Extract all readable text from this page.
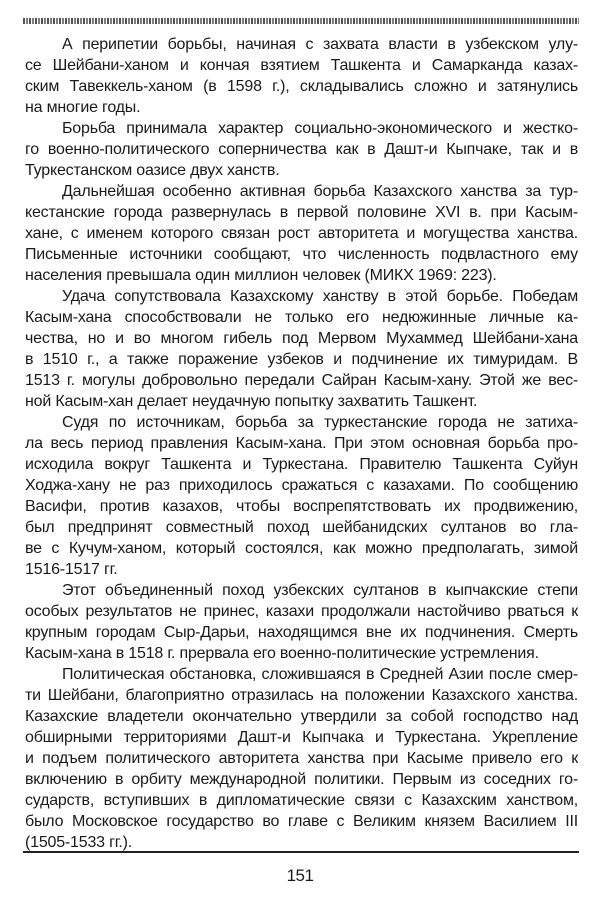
А перипетии борьбы, начиная с захвата власти в узбекском улу-
се Шейбани-ханом и кончая взятием Ташкента и Самарканда казах-
ским Тавеккель-ханом (в 1598 г.), складывались сложно и затянулись
на многие годы.
Борьба принимала характер социально-экономического и жестко-
го военно-политического соперничества как в Дашт-и Кыпчаке, так и в
Туркестанском оазисе двух ханств.
Дальнейшая особенно активная борьба Казахского ханства за тур-
кестанские города развернулась в первой половине XVI в. при Касым-
хане, с именем которого связан рост авторитета и могущества ханства.
Письменные источники сообщают, что численность подвластного ему
населения превышала один миллион человек (МИКХ 1969: 223).
Удача сопутствовала Казахскому ханству в этой борьбе. Победам
Касым-хана способствовали не только его недюжинные личные ка-
чества, но и во многом гибель под Мервом Мухаммед Шейбани-хана
в 1510 г., а также поражение узбеков и подчинение их тимуридам. В
1513 г. могулы добровольно передали Сайран Касым-хану. Этой же вес-
ной Касым-хан делает неудачную попытку захватить Ташкент.
Судя по источникам, борьба за туркестанские города не затиха-
ла весь период правления Касым-хана. При этом основная борьба про-
исходила вокруг Ташкента и Туркестана. Правителю Ташкента Суйун
Ходжа-хану не раз приходилось сражаться с казахами. По сообщению
Васифи, против казахов, чтобы воспрепятствовать их продвижению,
был предпринят совместный поход шейбанидских султанов во гла-
ве с Кучум-ханом, который состоялся, как можно предполагать, зимой
1516-1517 гг.
Этот объединенный поход узбекских султанов в кыпчакские степи
особых результатов не принес, казахи продолжали настойчиво рваться к
крупным городам Сыр-Дарьи, находящимся вне их подчинения. Смерть
Касым-хана в 1518 г. прервала его военно-политические устремления.
Политическая обстановка, сложившаяся в Средней Азии после смер-
ти Шейбани, благоприятно отразилась на положении Казахского ханства.
Казахские владетели окончательно утвердили за собой господство над
обширными территориями Дашт-и Кыпчака и Туркестана. Укрепление
и подъем политического авторитета ханства при Касыме привело его к
включению в орбиту международной политики. Первым из соседних го-
сударств, вступивших в дипломатические связи с Казахским ханством,
было Московское государство во главе с Великим князем Василием III
(1505-1533 гг.).
151
